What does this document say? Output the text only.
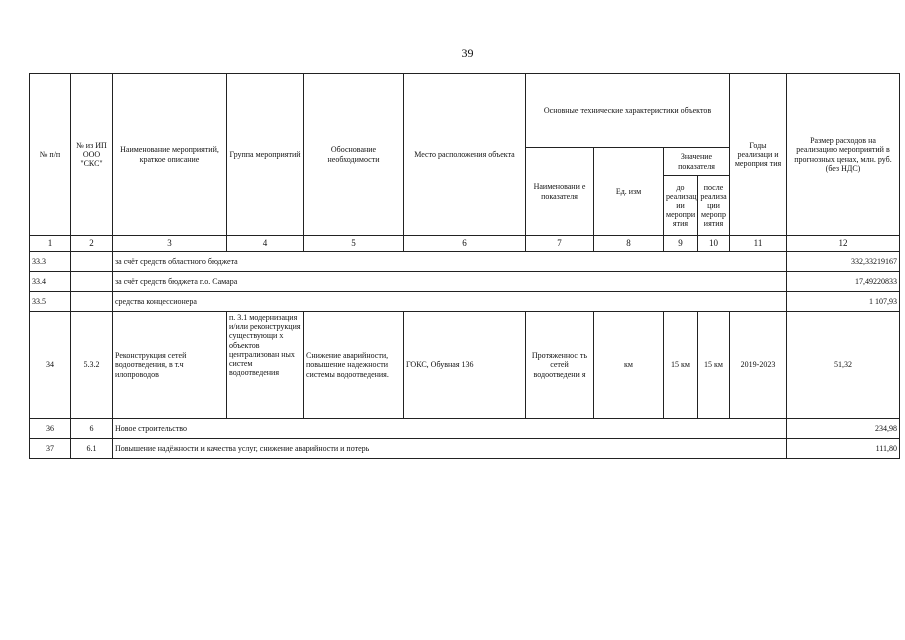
39
№ п/п	№ из ИП ООО "СКС"	Наименование мероприятий, краткое описание	Группа мероприятий	Обоснование необходимости	Место расположения объекта	Основные технические характеристики объектов				Годы реализаци и мероприя тия	Размер расходов на реализацию мероприятий в прогнозных ценах, млн. руб. (без НДС)
						Наименовани е показателя	Ед. изм	Значение показателя			
								до реализац ии меропри ятия	после реализа ции меропр иятия		
1	2	3	4	5	6	7	8	9	10	11	12
33.3		за счёт средств областного бюджета									332,33219167
33.4		за счёт средств бюджета г.о. Самара									17,49220833
33.5		средства концессионера									1 107,93
34	5.3.2	Реконструкция сетей водоотведения, в т.ч илопроводов	п. 3.1 модернизация и/или реконструкция существующи х объектов централизован ных систем водоотведения	Снижение аварийности, повышение надежности системы водоотведения.	ГОКС, Обувная 136	Протяженнос ть сетей водоотведени я	км	15 км	15 км	2019-2023	51,32
36	6	Новое строительство									234,98
37	6.1	Повышение надёжности и качества услуг, снижение аварийности и потерь									111,80
